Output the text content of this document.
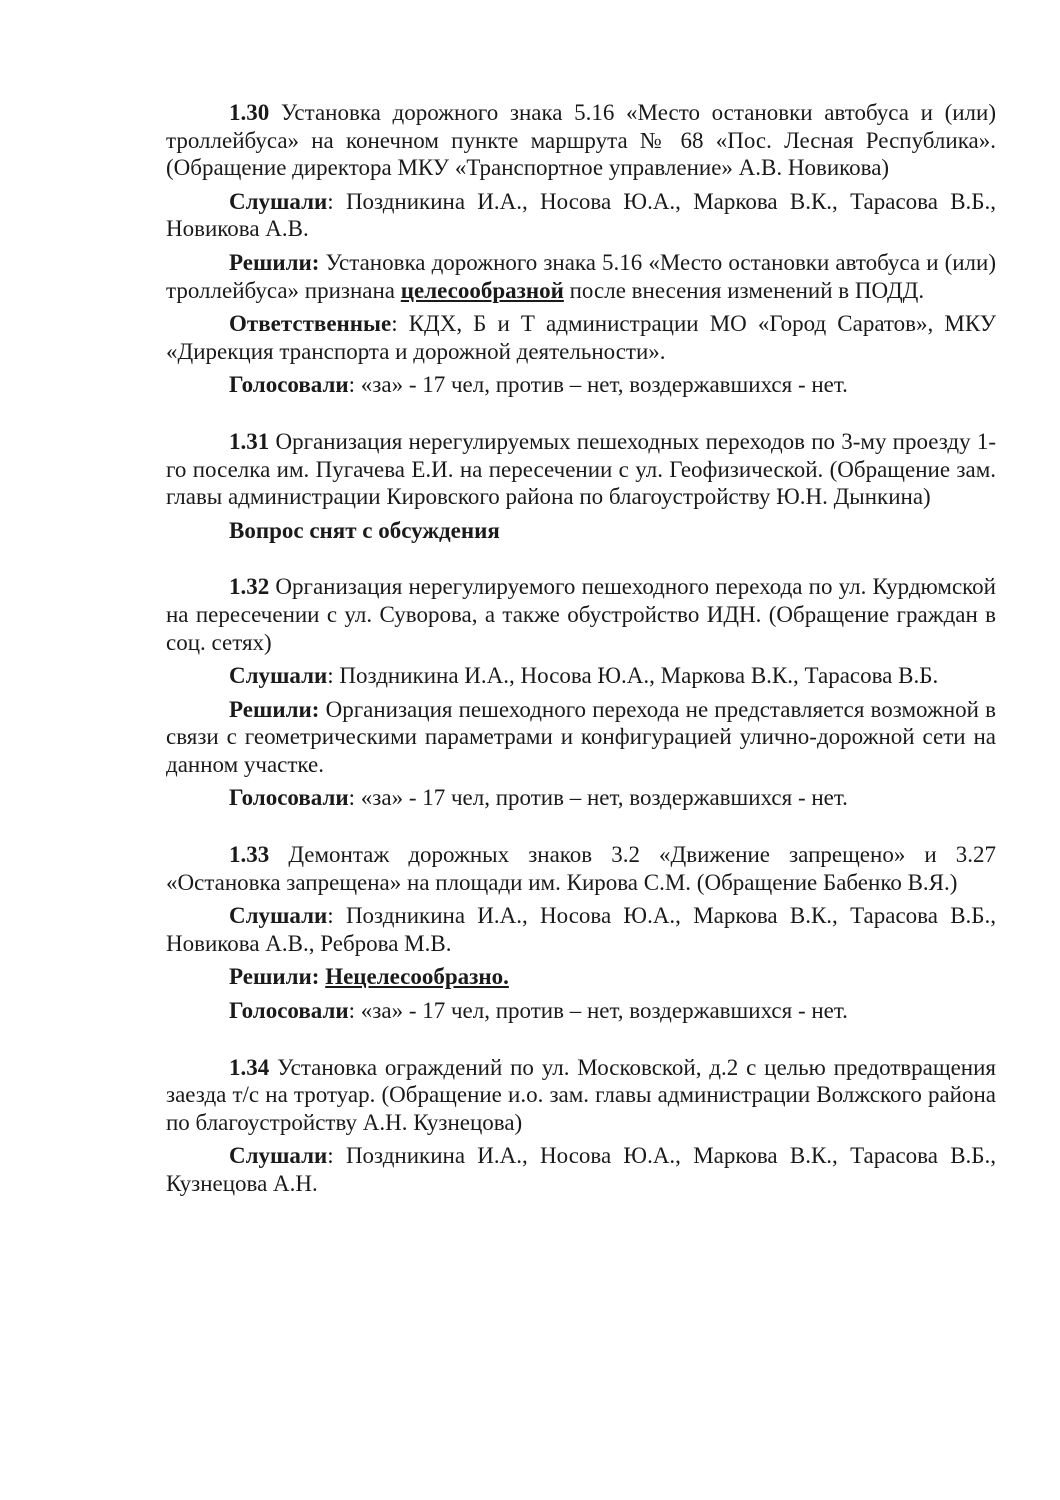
1.30 Установка дорожного знака 5.16 «Место остановки автобуса и (или) троллейбуса» на конечном пункте маршрута № 68 «Пос. Лесная Республика». (Обращение директора МКУ «Транспортное управление» А.В. Новикова)

Слушали: Поздникина И.А., Носова Ю.А., Маркова В.К., Тарасова В.Б., Новикова А.В.

Решили: Установка дорожного знака 5.16 «Место остановки автобуса и (или) троллейбуса» признана целесообразной после внесения изменений в ПОДД.

Ответственные: КДХ, Б и Т администрации МО «Город Саратов», МКУ «Дирекция транспорта и дорожной деятельности».

Голосовали: «за» - 17 чел, против – нет, воздержавшихся - нет.

1.31 Организация нерегулируемых пешеходных переходов по 3-му проезду 1-го поселка им. Пугачева Е.И. на пересечении с ул. Геофизической. (Обращение зам. главы администрации Кировского района по благоустройству Ю.Н. Дынкина)

Вопрос снят с обсуждения

1.32 Организация нерегулируемого пешеходного перехода по ул. Курдюмской на пересечении с ул. Суворова, а также обустройство ИДН. (Обращение граждан в соц. сетях)

Слушали: Поздникина И.А., Носова Ю.А., Маркова В.К., Тарасова В.Б.

Решили: Организация пешеходного перехода не представляется возможной в связи с геометрическими параметрами и конфигурацией улично-дорожной сети на данном участке.

Голосовали: «за» - 17 чел, против – нет, воздержавшихся - нет.

1.33 Демонтаж дорожных знаков 3.2 «Движение запрещено» и 3.27 «Остановка запрещена» на площади им. Кирова С.М. (Обращение Бабенко В.Я.)

Слушали: Поздникина И.А., Носова Ю.А., Маркова В.К., Тарасова В.Б., Новикова А.В., Реброва М.В.

Решили: Нецелесообразно.

Голосовали: «за» - 17 чел, против – нет, воздержавшихся - нет.

1.34 Установка ограждений по ул. Московской, д.2 с целью предотвращения заезда т/с на тротуар. (Обращение и.о. зам. главы администрации Волжского района по благоустройству А.Н. Кузнецова)

Слушали: Поздникина И.А., Носова Ю.А., Маркова В.К., Тарасова В.Б., Кузнецова А.Н.
